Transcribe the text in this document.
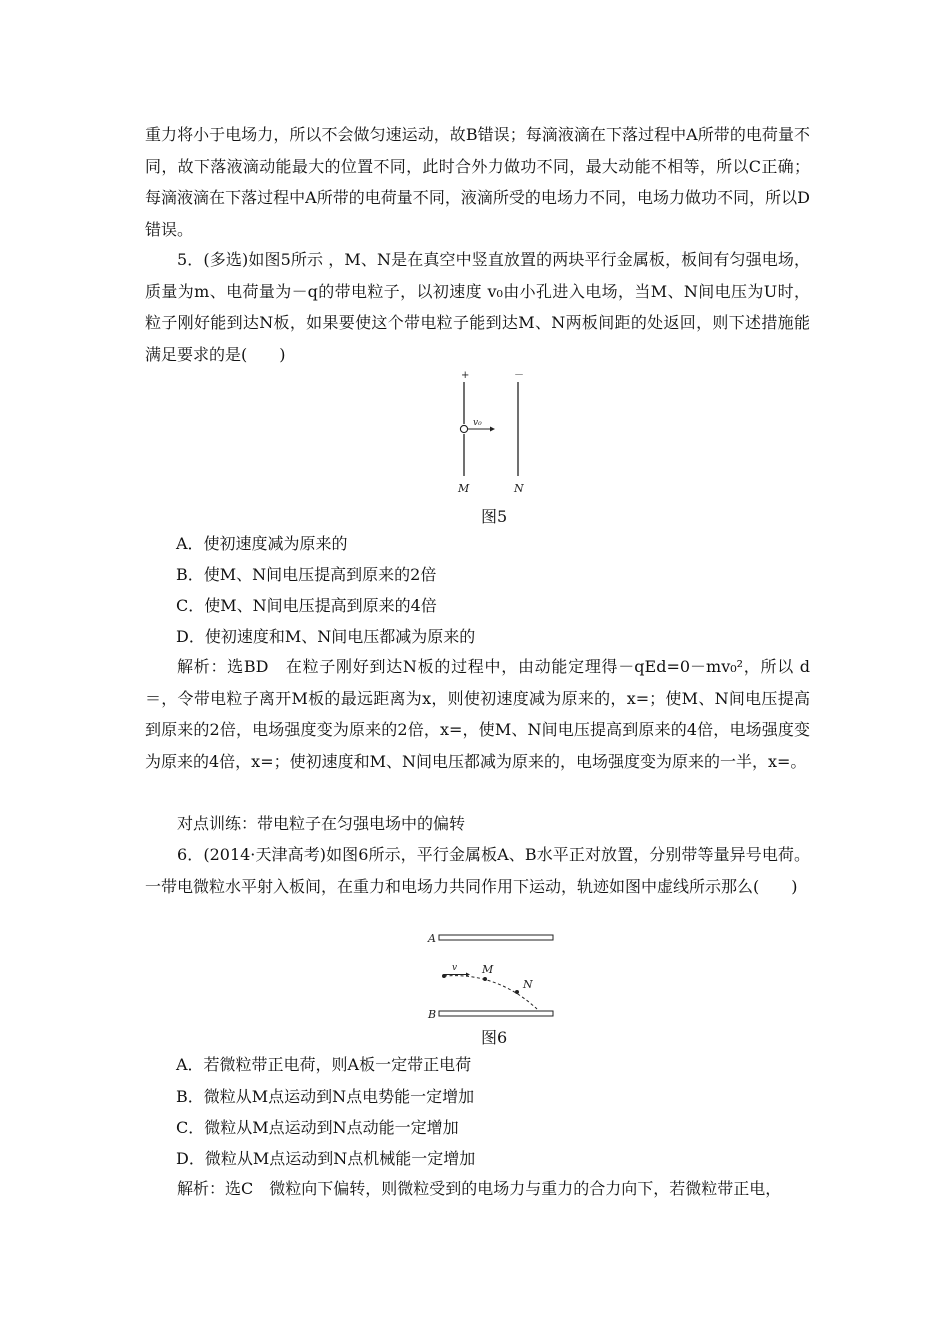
重力将小于电场力，所以不会做匀速运动，故B错误；每滴液滴在下落过程中A所带的电荷量不同，故下落液滴动能最大的位置不同，此时合外力做功不同，最大动能不相等，所以C正确；每滴液滴在下落过程中A所带的电荷量不同，液滴所受的电场力不同，电场力做功不同，所以D错误。

5．(多选)如图5所示 ，M、N是在真空中竖直放置的两块平行金属板，板间有匀强电场，质量为m、电荷量为－q的带电粒子，以初速度 v₀由小孔进入电场，当M、N间电压为U时，粒子刚好能到达N板，如果要使这个带电粒子能到达M、N两板间距的处返回，则下述措施能满足要求的是(　　)

+	－
v₀
M	N
图5
A．使初速度减为原来的
B．使M、N间电压提高到原来的2倍
C．使M、N间电压提高到原来的4倍
D．使初速度和M、N间电压都减为原来的

解析：选BD　在粒子刚好到达N板的过程中，由动能定理得－qEd=0－mv₀²，所以 d＝，令带电粒子离开M板的最远距离为x，则使初速度减为原来的，x=；使M、N间电压提高到原来的2倍，电场强度变为原来的2倍，x=，使M、N间电压提高到原来的4倍，电场强度变为原来的4倍，x=；使初速度和M、N间电压都减为原来的，电场强度变为原来的一半，x=。

对点训练：带电粒子在匀强电场中的偏转

6．(2014·天津高考)如图6所示，平行金属板A、B水平正对放置，分别带等量异号电荷。一带电微粒水平射入板间，在重力和电场力共同作用下运动，轨迹如图中虚线所示那么(　　)

A
B
v M
N
图6
A．若微粒带正电荷，则A板一定带正电荷
B．微粒从M点运动到N点电势能一定增加
C．微粒从M点运动到N点动能一定增加
D．微粒从M点运动到N点机械能一定增加

解析：选C　微粒向下偏转，则微粒受到的电场力与重力的合力向下，若微粒带正电，
